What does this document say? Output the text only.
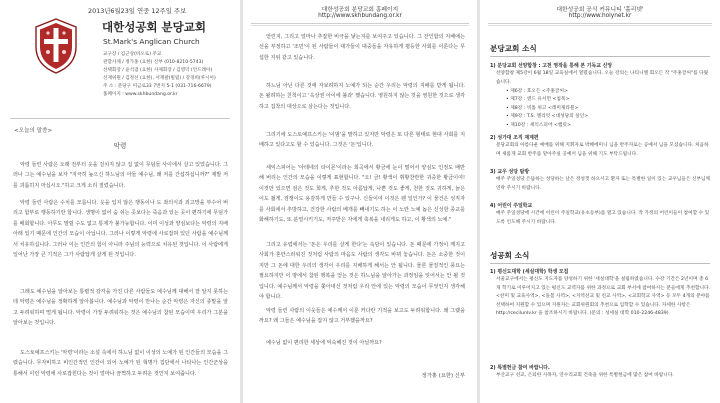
2013년6월23일 연중 12주일 주보
대한성공회 분당교회
St.Mark's Anglican Church
교구장 / 김근상(바오로) 주교
관할사제 / 정가홍 (요한) 신부 (010-8210-5743)
선택회장 / 윤석겸 (요한) 사제회장 / 김영덕 (안드레아)
선재위원 / 김정선 (요한), 서재팔(빌립) / 강경희(루시아)
주 소 : 분당구 미금로33 7번지 5-1 (031-716-6679)
홈페이지 : www.skhbundang.or.kr
<오늘의 말씀>
악령
악령 들린 사람은 오래 전부터 옷을 걸치지 않고 집 없이 무덤들 사이에서 살고 있었습니다. 그러나 그는 예수님을 보자 "지극히 높으신 하느님의 아들 예수님, 왜 저를 간섭하십니까?" 제발 저를 괴롭히지 마십시오."하고 크게 소리 질렀습니다.
악령 들린 사람은 수치를 모릅니다. 옷을 입지 않은 행동이나 도 좌의식과 죄고망을 부수어 버리고 함부로 행동하기란 합니다. 생명이 없어 숨 쉬는 곳보다는 죽음과 있는 곳이 편하기에 무덤가를 배회합니다. 아무도 말릴 수도 없고 통제가 불가능합니다. 이미 이성과 양심보다는 악령의 지배 아래 있기 때문에 인간의 모습이 아닙니다. 그러나 이렇게 악령에 사로잡혀 있던 사람을 예수님께서 치유하십니다. 그러나 이는 인간의 힘이 아니라 주님의 능력으로 치유된 것입니다. 이 사람에게 일어난 가장 큰 기적은 그가 사람답게 살게 된 것입니다.
그래도 예수님을 알아보는 통렬적 감각을 가진 다른 사람들도 예수님께 대해서 잘 알지 못하는데 악령은 예수님을 정확하게 알아봅니다. 예수님과 악령이 만나는 순간 악령은 자신의 종말을 알고 두려워하며 떨게 됩니다. 악령이 가장 두려워하는 것은 예수님의 참된 모습이며 우리가 그분을 알아보는 것입니다.
도스토예프스키는 '악령'이라는 소설 속에서 하느님 없이 이성의 노예가 된 인간들의 모습을 그렸습니다. 무자비하고 비인간적인 인간이 되어 노예가 된 혁명가 집단에서 나타나는 인간군상을 통해서 이런 악령에 사로잡힌다는 것이 얼마나 끔찍하고 두려운 것인지 보여줍니다.
대한성공회 분당교회 홈페이지
http://www.skhbundang.or.kr
얻린지, 그리고 얼마나 추잡한 비극을 낳는지를 보여주고 있습니다. 그 잔인함의 지배에는 선을 부정하고 '조민'이 된 사람들이 대가들이 대중들을 자유하게 평등한 사회를 이룬다는 무섭한 지위 같고 있습니다.
하느님 아닌 다른 것에 자보려하지 노예가 되는 순간 우리는 악령의 지배를 받게 됩니다. 돈 될려하는 친척이고 '옥상권 아이에 불과' 했습니다. 영원하지 않는 것을 영원한 것으로 생각하고 집착의 대상으로 삼는다는 것입니다.
그리기에 도스토예프스키는 '이범'을 말하고 있지만 악령은 또 다른 형태로 현대 사회를 지배하고 있다고도 할 수 있습니다. 그것은 '돈'입니다.
세익스피어는 '아테네의 타이몬'이라는 희곡에서 황금에 눈이 멀어서 양심도 인정도 배반해 버리는 인간의 모습을 이렇게 표현합니다. "오! 금! 황색이 휘황찬란한 귀중한 황금이여! 이것만 있으면 검은 것도 희게, 추한 것도 아름답게, 나쁜 것도 좋게, 천한 것도 귀하게, 늙은이도 젊게, 검쟁이도 용감하게 만들 수 있구나. 신들이여 이것은 웬 일인가? 이 물건은 성직자를 사회에서 추방하고, 건강한 사람의 베개를 빼내기도 하는 이 노란 노예 놈은 신성한 종교를 화해하기도, 또 분열시키기도, 저주받은 자에게 축복을 내리게도 하고, 이 황색의 노예."
그리고 유럽에서는 '돈은 우리를 살게 한다'는 속담이 있습니다. 돈 때문에 가정이 깨지고 사회가 혼란스러워진 것처럼 사람의 마음도 사람의 생각도 바꿔 놓습니다. 돈은 소중한 것이지만 그 돈에 대한 우리의 생각이 우리를 지배하게 해서는 안 됩니다. 물론 물질적인 풍요는 필요하지만 이 땅에서 참된 행복을 얻는 것은 하느님을 알아가는 과정임을 잊어서는 안 될 것입니다. 예수님께서 악령을 쫓아내신 것처럼 우리 안에 있는 악령의 모습이 무엇인지 생각해야 합니다.
악령 들린 사람의 이웃들은 예수께서 이룬 커다란 기적을 보고도 두려워합니다. 왜 그랬을까요? 왜 그들은 예수님을 잡지 않고 거부했을까요?
예수님 없이 편리한 세상에 익숙해진 것이 아닐까요?
정가홍 (요한) 신부
대한성공회 공식 커뮤니티 '홀리넷'
http://www.holynet.kr
분당교회 소식
1) 분당교회 선양합창 : 고천 영작을 통해 본 기독교 신앙
선양합창 제5강이 6월 18일 교육실에서 열렸습니다. 오늘 강의는 나티니엘 회오든 작 "주홍글씨"를 다뤘습니다.
• 제6강 : 호오든 <주홍글씨>
• 제7강 : 앤드 유서먼 <침묵>
• 제8강 : 빅톨 위고 <레미제라블>
• 제9강 : T.S. 엘리엇 <대성당의 살인>
• 제10강 : 셰익스피어 <햄릿>
2) 성가대 조직 재계편
분당교회의 아름다운 예배를 위해 지휘자로 박혜에미니 님을 반주자로는 공예서 님을 모셨습니다. 처음하며 새롭게 교회 반주를 맡아주실 공예서 님을 위해 기도 부탁드립니다.
3) 교우 성당 탐방
매주 주일성당 은뜸하는 성당하는 날은 정성껏 하으시고 환자 또는 특별한 일이 있는 교우님들은 신부님께 연락 주시기 바랍니다.
4) 어린이 주일학교
매주 주일성당에 시간에 어린이 주일학교(유초등부)를 열고 있습니다. 작 가정의 어린이들이 참여할 수 있도록 인도해 주시기 바랍니다.
성공회 소식
1) 평신도대학 (세실대학) 학생 모집
서울교구에서는 평신도 지도자를 양성하기 위한 '세실대학'을 설립하였습니다. 수강 기간은 2년이며 총 6개 학기로 이루어지고 있는 평신도 교역자를 위한 과정으로 교회 부서에 참여하시는 분들에게 추천합니다. <찬미 및 교육사역>, <돌봄 사역>, <지역선교 및 친교 사역>, <교회학교 사역> 등 모두 4개의 분야를 선택하여 지원할 수 있으며 지원자는 교회위원회의 추천으로 입학할 수 있습니다. 자세한 사항은 http://cecilunlv.kr 을 참조하시기 바랍니다. (문의 : 성세실 대학 010-2246-4839)
2) 특별헌금 참여 바랍니다.
부산교구 선교, 은퇴한 사목자, 연수리교회 건축을 위한 특별헌금에 많은 참여 바랍니다.
